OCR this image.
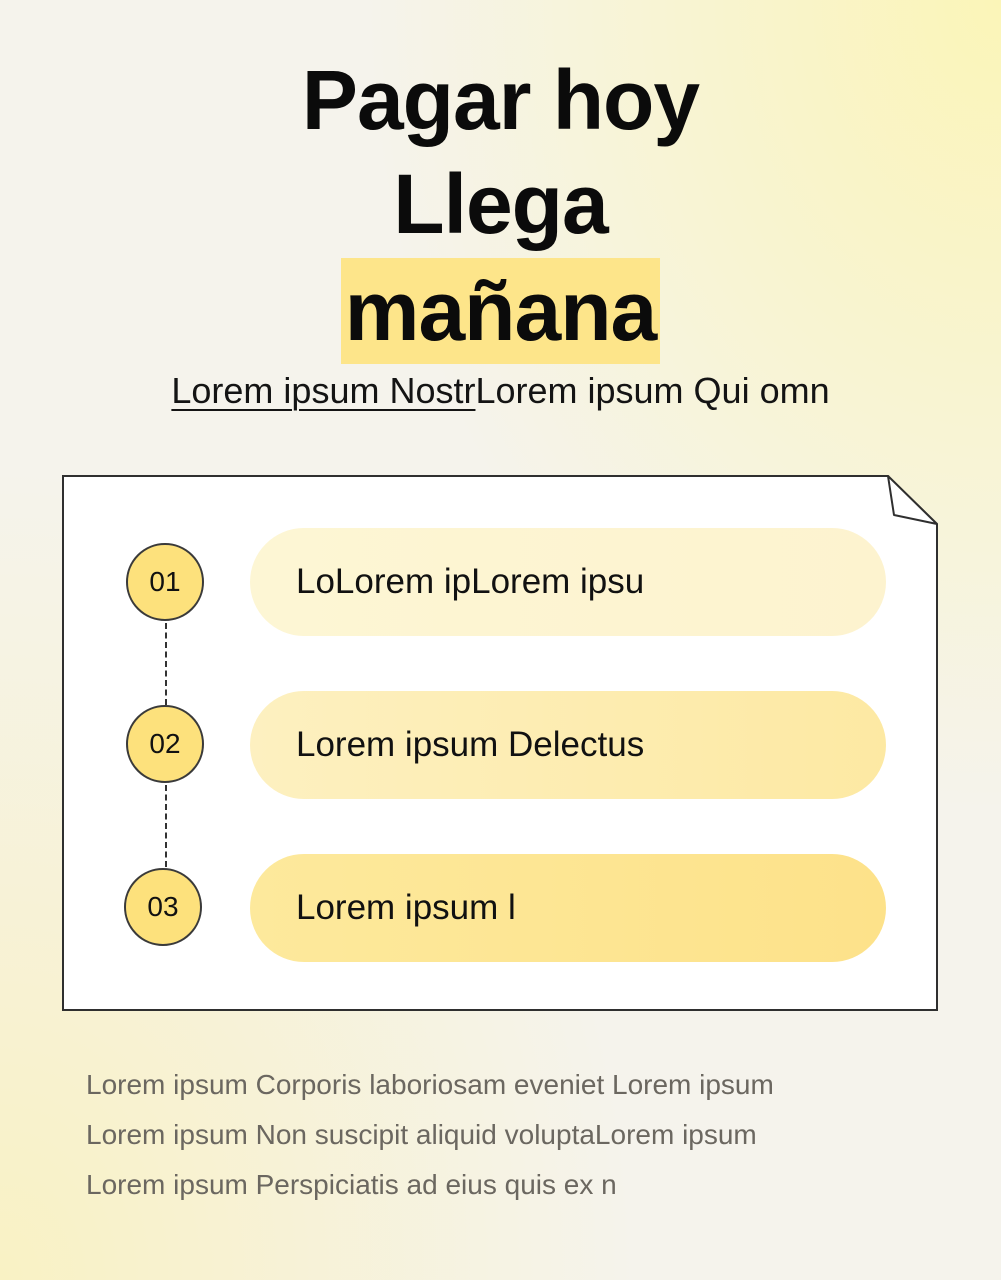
Pagar hoy
Llega
mañana
Lorem ipsum NostrLorem ipsum Qui omn
01	LoLorem ipLorem ipsu
02	Lorem ipsum Delectus
03	Lorem ipsum l

Lorem ipsum Corporis laboriosam eveniet Lorem ipsum

Lorem ipsum Non suscipit aliquid voluptaLorem ipsum

Lorem ipsum Perspiciatis ad eius quis ex n
